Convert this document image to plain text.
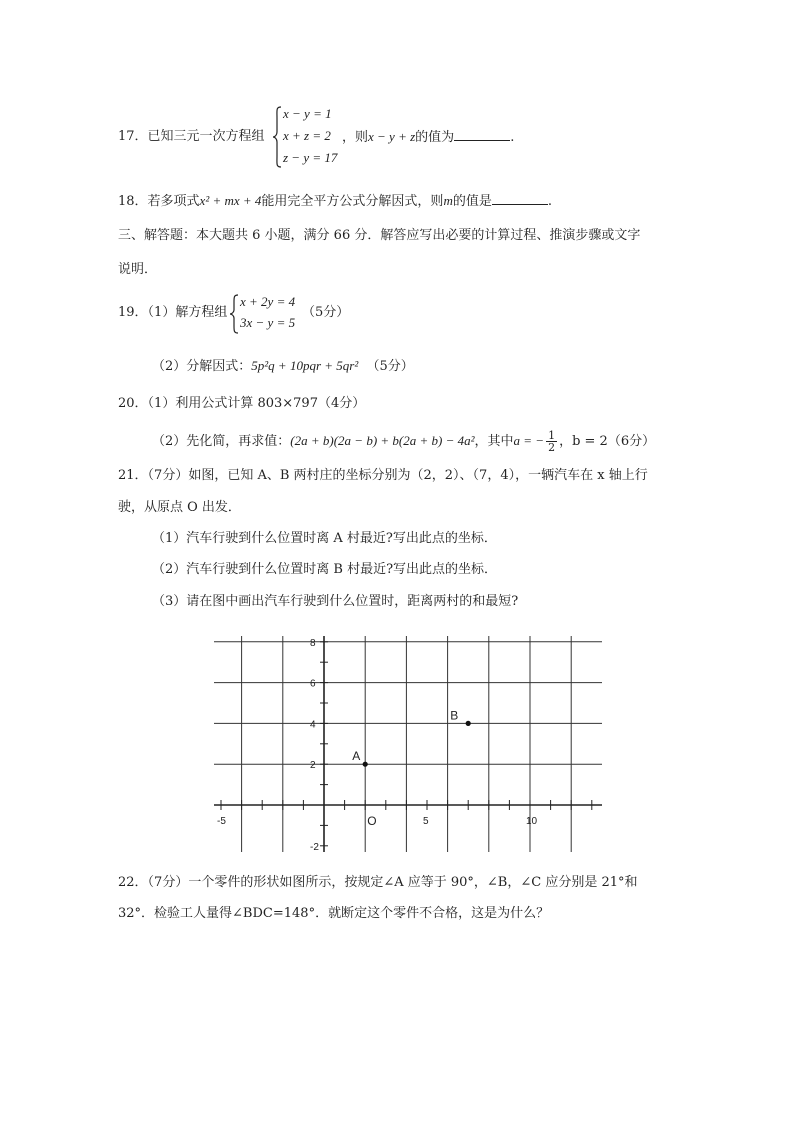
17．已知三元一次方程组
x − y = 1
x + z = 2
z − y = 17
，则x − y + z的值为	.
18．若多项式x² + mx + 4能用完全平方公式分解因式，则m的值是	.
三、解答题：本大题共 6 小题，满分 66 分．解答应写出必要的计算过程、推演步骤或文字
说明．
19．（1）解方程组
x + 2y = 4
3x − y = 5
（5分）
（2）分解因式：5p²q + 10pqr + 5qr² （5分）
20．（1）利用公式计算 803×797（4分）
（2）先化简，再求值：(2a + b)(2a − b) + b(2a + b) − 4a²，其中a = − $\frac{1}{2}$ ，b = 2（6分）
21．（7分）如图，已知 A、B 两村庄的坐标分别为（2，2）、（7，4），一辆汽车在 x 轴上行
驶，从原点 O 出发．
（1）汽车行驶到什么位置时离 A 村最近?写出此点的坐标．
（2）汽车行驶到什么位置时离 B 村最近?写出此点的坐标．
（3）请在图中画出汽车行驶到什么位置时，距离两村的和最短?
8
6
4
2
-2
-5	5	10
O
A
B
22．（7分）一个零件的形状如图所示，按规定∠A 应等于 90°，∠B，∠C 应分别是 21°和
32°．检验工人量得∠BDC=148°．就断定这个零件不合格，这是为什么？
